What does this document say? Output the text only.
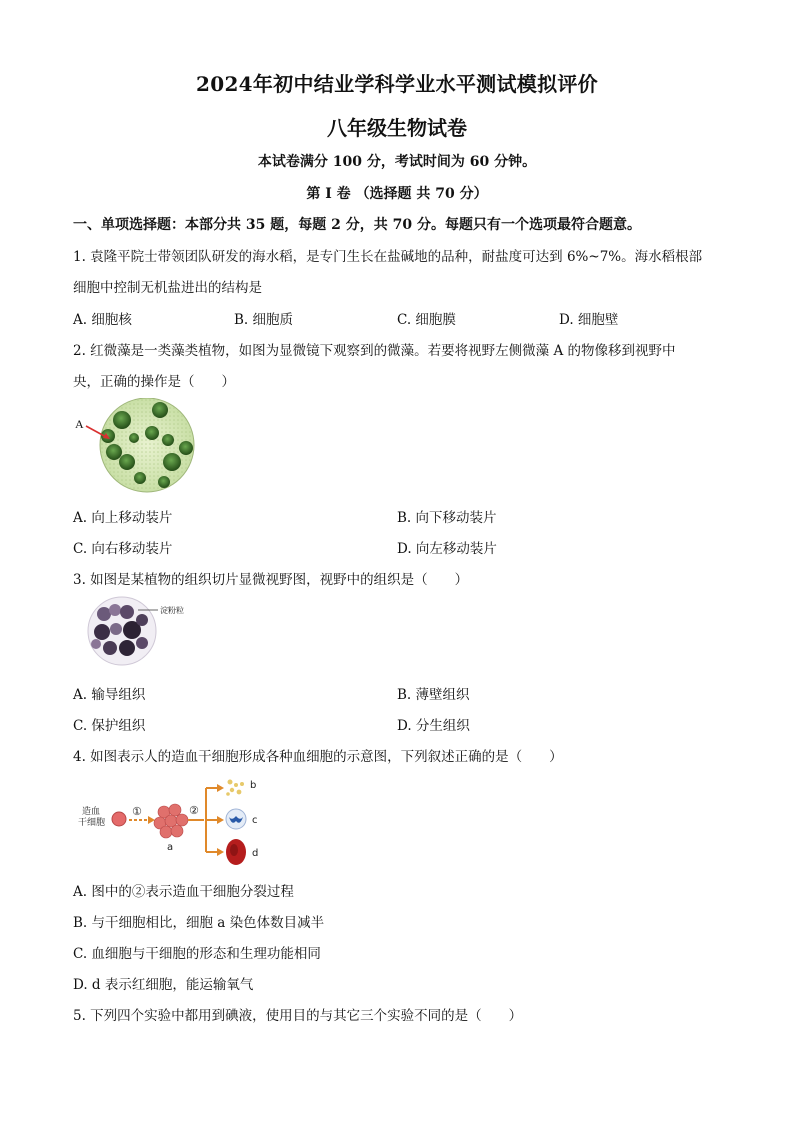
2024年初中结业学科学业水平测试模拟评价
八年级生物试卷
本试卷满分 100 分，考试时间为 60 分钟。
第 I 卷 （选择题 共 70 分）
一、单项选择题：本部分共 35 题，每题 2 分，共 70 分。每题只有一个选项最符合题意。
1. 袁隆平院士带领团队研发的海水稻，是专门生长在盐碱地的品种，耐盐度可达到 6%~7%。海水稻根部
细胞中控制无机盐进出的结构是
A. 细胞核	B. 细胞质	C. 细胞膜	D. 细胞壁
2. 红微藻是一类藻类植物，如图为显微镜下观察到的微藻。若要将视野左侧微藻 A 的物像移到视野中
央，正确的操作是（　　）
A
A. 向上移动装片	B. 向下移动装片
C. 向右移动装片	D. 向左移动装片
3. 如图是某植物的组织切片显微视野图，视野中的组织是（　　）
淀粉粒
A. 输导组织	B. 薄壁组织
C. 保护组织	D. 分生组织
4. 如图表示人的造血干细胞形成各种血细胞的示意图，下列叙述正确的是（　　）
造血
干细胞
①
a
②
b
c
d
A. 图中的②表示造血干细胞分裂过程
B. 与干细胞相比，细胞 a 染色体数目减半
C. 血细胞与干细胞的形态和生理功能相同
D. d 表示红细胞，能运输氧气
5. 下列四个实验中都用到碘液，使用目的与其它三个实验不同的是（　　）
